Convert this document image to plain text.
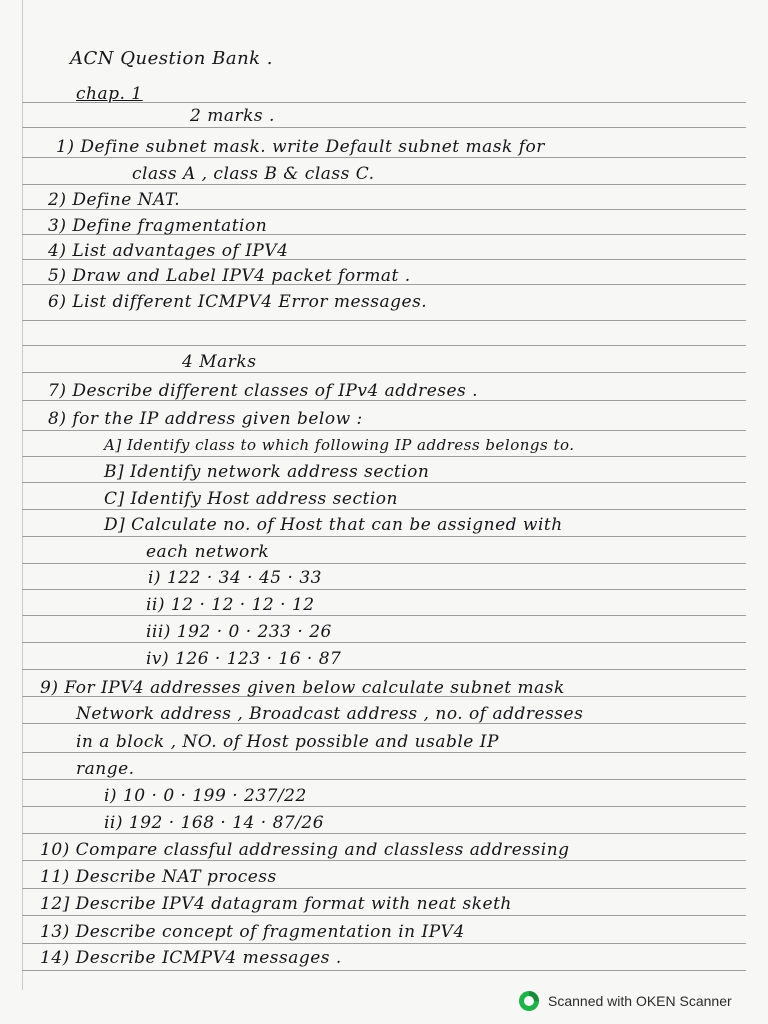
ACN Question Bank .
chap. 1
2 marks .
1) Define subnet mask. write Default subnet mask for
class A , class B & class C.
2) Define NAT.
3) Define fragmentation
4) List advantages of IPV4
5) Draw and Label IPV4 packet format .
6) List different ICMPV4 Error messages.
4 Marks
7) Describe different classes of IPv4 addreses .
8) for the IP address given below :
A] Identify class to which following IP address belongs to.
B] Identify network address section
C] Identify Host address section
D] Calculate no. of Host that can be assigned with
each network
i) 122 · 34 · 45 · 33
ii) 12 · 12 · 12 · 12
iii) 192 · 0 · 233 · 26
iv) 126 · 123 · 16 · 87
9) For IPV4 addresses given below calculate subnet mask
Network address , Broadcast address , no. of addresses
in a block , NO. of Host possible and usable IP
range.
i) 10 · 0 · 199 · 237/22
ii) 192 · 168 · 14 · 87/26
10) Compare classful addressing and classless addressing
11) Describe NAT process
12] Describe IPV4 datagram format with neat sketh
13) Describe concept of fragmentation in IPV4
14) Describe ICMPV4 messages .
Scanned with OKEN Scanner
